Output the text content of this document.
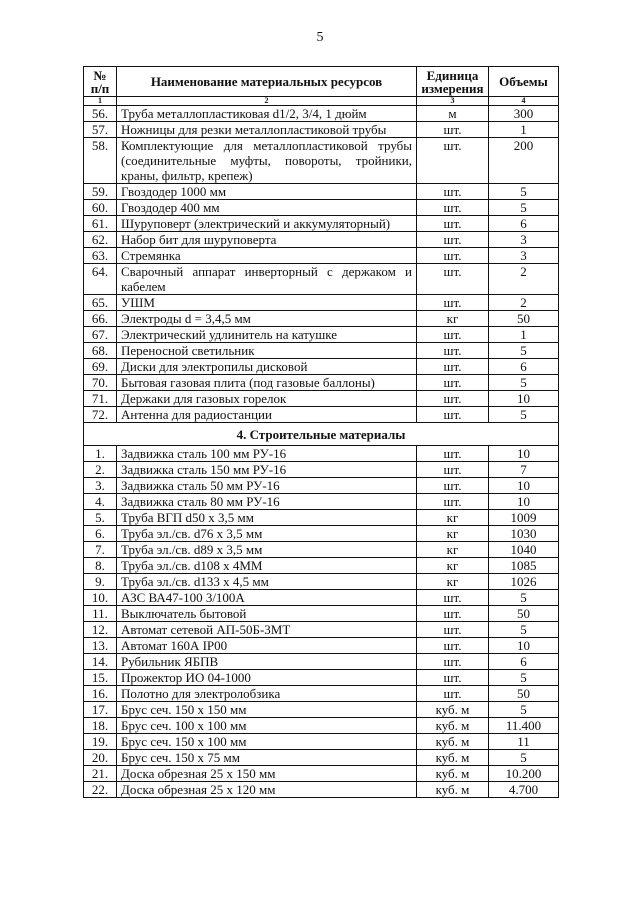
5
№ п/п	Наименование материальных ресурсов	Единица измерения	Объемы
1	2	3	4
56.	Труба металлопластиковая d1/2, 3/4, 1 дюйм	м	300
57.	Ножницы для резки металлопластиковой трубы	шт.	1
58.	Комплектующие для металлопластиковой трубы (соединительные муфты, повороты, тройники, краны, фильтр, крепеж)	шт.	200
59.	Гвоздодер 1000 мм	шт.	5
60.	Гвоздодер 400 мм	шт.	5
61.	Шуруповерт (электрический и аккумуляторный)	шт.	6
62.	Набор бит для шуруповерта	шт.	3
63.	Стремянка	шт.	3
64.	Сварочный аппарат инверторный с держаком и кабелем	шт.	2
65.	УШМ	шт.	2
66.	Электроды d = 3,4,5 мм	кг	50
67.	Электрический удлинитель на катушке	шт.	1
68.	Переносной светильник	шт.	5
69.	Диски для электропилы дисковой	шт.	6
70.	Бытовая газовая плита (под газовые баллоны)	шт.	5
71.	Держаки для газовых горелок	шт.	10
72.	Антенна для радиостанции	шт.	5
4. Строительные материалы			
1.	Задвижка сталь 100 мм РУ-16	шт.	10
2.	Задвижка сталь 150 мм РУ-16	шт.	7
3.	Задвижка сталь 50 мм РУ-16	шт.	10
4.	Задвижка сталь 80 мм РУ-16	шт.	10
5.	Труба ВГП d50 х 3,5 мм	кг	1009
6.	Труба эл./св. d76 х 3,5 мм	кг	1030
7.	Труба эл./св. d89 х 3,5 мм	кг	1040
8.	Труба эл./св. d108 х 4ММ	кг	1085
9.	Труба эл./св. d133 х 4,5 мм	кг	1026
10.	АЗС ВА47-100 3/100А	шт.	5
11.	Выключатель бытовой	шт.	50
12.	Автомат сетевой АП-50Б-3МТ	шт.	5
13.	Автомат 160А IP00	шт.	10
14.	Рубильник ЯБПВ	шт.	6
15.	Прожектор ИО 04-1000	шт.	5
16.	Полотно для электролобзика	шт.	50
17.	Брус сеч. 150 х 150 мм	куб. м	5
18.	Брус сеч. 100 х 100 мм	куб. м	11.400
19.	Брус сеч. 150 х 100 мм	куб. м	11
20.	Брус сеч. 150 х 75 мм	куб. м	5
21.	Доска обрезная 25 х 150 мм	куб. м	10.200
22.	Доска обрезная 25 х 120 мм	куб. м	4.700
